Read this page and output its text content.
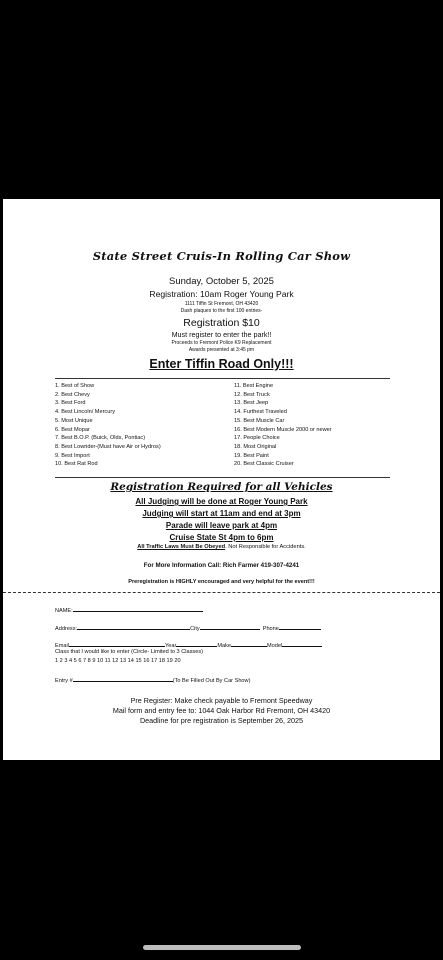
State Street Cruis-In Rolling Car Show
Sunday, October 5, 2025
Registration: 10am Roger Young Park
1111 Tiffin St Fremont, OH 43420
Dash plaques to the first 100 entries-
Registration $10
Must register to enter the park!!
Proceeds to Fremont Police K9 Replacement
Awards presented at 3:45 pm
Enter Tiffin Road Only!!!
1. Best of Show
2. Best Chevy
3. Best Ford
4. Best Lincoln/ Mercury
5. Most Unique
6. Best Mopar
7. Best B.O.P. (Buick, Olds, Pontiac)
8. Best Lowrider-(Must have Air or Hydros)
9. Best Import
10. Best Rat Rod
11. Best Engine
12. Best Truck
13. Best Jeep
14. Furthest Traveled
15. Best Muscle Car
16. Best Modern Muscle 2000 or newer
17. People Choice
18. Most Original
19. Best Paint
20. Best Classic Cruiser
Registration Required for all Vehicles
All Judging will be done at Roger Young Park
Judging will start at 11am and end at 3pm
Parade will leave park at 4pm
Cruise State St 4pm to 6pm
All Traffic Laws Must Be Obeyed. Not Responsible for Accidents.
For More Information Call: Rich Farmer 419-307-4241
Preregistration is HIGHLY encouraged and very helpful for the event!!!
NAME:
Address:	City	Phone
Email	Year	Make	Model
Class that I would like to enter (Circle- Limited to 3 Classes)
1 2 3 4 5 6 7 8 9 10 11 12 13 14 15 16 17 18 19 20
Entry #	(To Be Filled Out By Car Show)
Pre Register: Make check payable to Fremont Speedway
Mail form and entry fee to: 1044 Oak Harbor Rd Fremont, OH 43420
Deadline for pre registration is September 26, 2025
